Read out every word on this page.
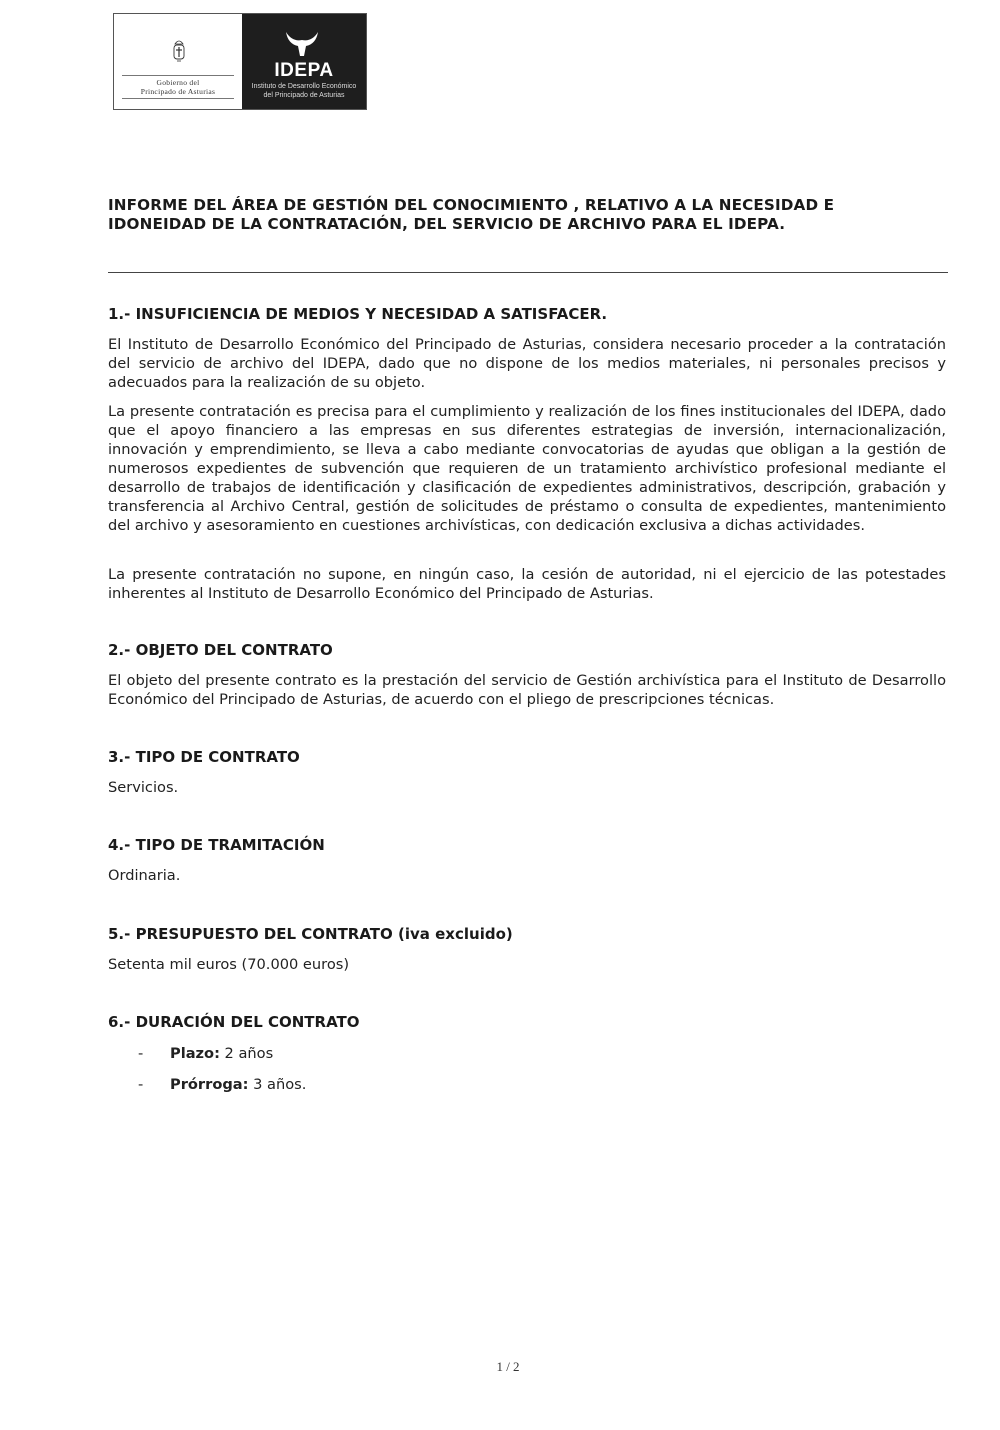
Gobierno del
Principado de Asturias
IDEPA
Instituto de Desarrollo Económico
del Principado de Asturias
INFORME DEL ÁREA DE GESTIÓN DEL CONOCIMIENTO , RELATIVO A LA NECESIDAD E IDONEIDAD DE LA CONTRATACIÓN, DEL SERVICIO DE ARCHIVO PARA EL IDEPA.
1.- INSUFICIENCIA DE MEDIOS Y NECESIDAD A SATISFACER.

El Instituto de Desarrollo Económico del Principado de Asturias, considera necesario proceder a la contratación del servicio de archivo del IDEPA, dado que no dispone de los medios materiales, ni personales precisos y adecuados para la realización de su objeto.

La presente contratación es precisa para el cumplimiento y realización de los fines institucionales del IDEPA, dado que el apoyo financiero a las empresas en sus diferentes estrategias de inversión, internacionalización, innovación y emprendimiento, se lleva a cabo mediante convocatorias de ayudas que obligan a la gestión de numerosos expedientes de subvención que requieren de un tratamiento archivístico profesional mediante el desarrollo de trabajos de identificación y clasificación de expedientes administrativos, descripción, grabación y transferencia al Archivo Central, gestión de solicitudes de préstamo o consulta de expedientes, mantenimiento del archivo y asesoramiento en cuestiones archivísticas, con dedicación exclusiva a dichas actividades.

La presente contratación no supone, en ningún caso, la cesión de autoridad, ni el ejercicio de las potestades inherentes al Instituto de Desarrollo Económico del Principado de Asturias.

2.- OBJETO DEL CONTRATO

El objeto del presente contrato es la prestación del servicio de Gestión archivística para el Instituto de Desarrollo Económico del Principado de Asturias, de acuerdo con el pliego de prescripciones técnicas.

3.- TIPO DE CONTRATO

Servicios.

4.- TIPO DE TRAMITACIÓN

Ordinaria.

5.- PRESUPUESTO DEL CONTRATO (iva excluido)

Setenta mil euros (70.000 euros)

6.- DURACIÓN DEL CONTRATO
- Plazo: 2 años
- Prórroga: 3 años.
1 / 2
